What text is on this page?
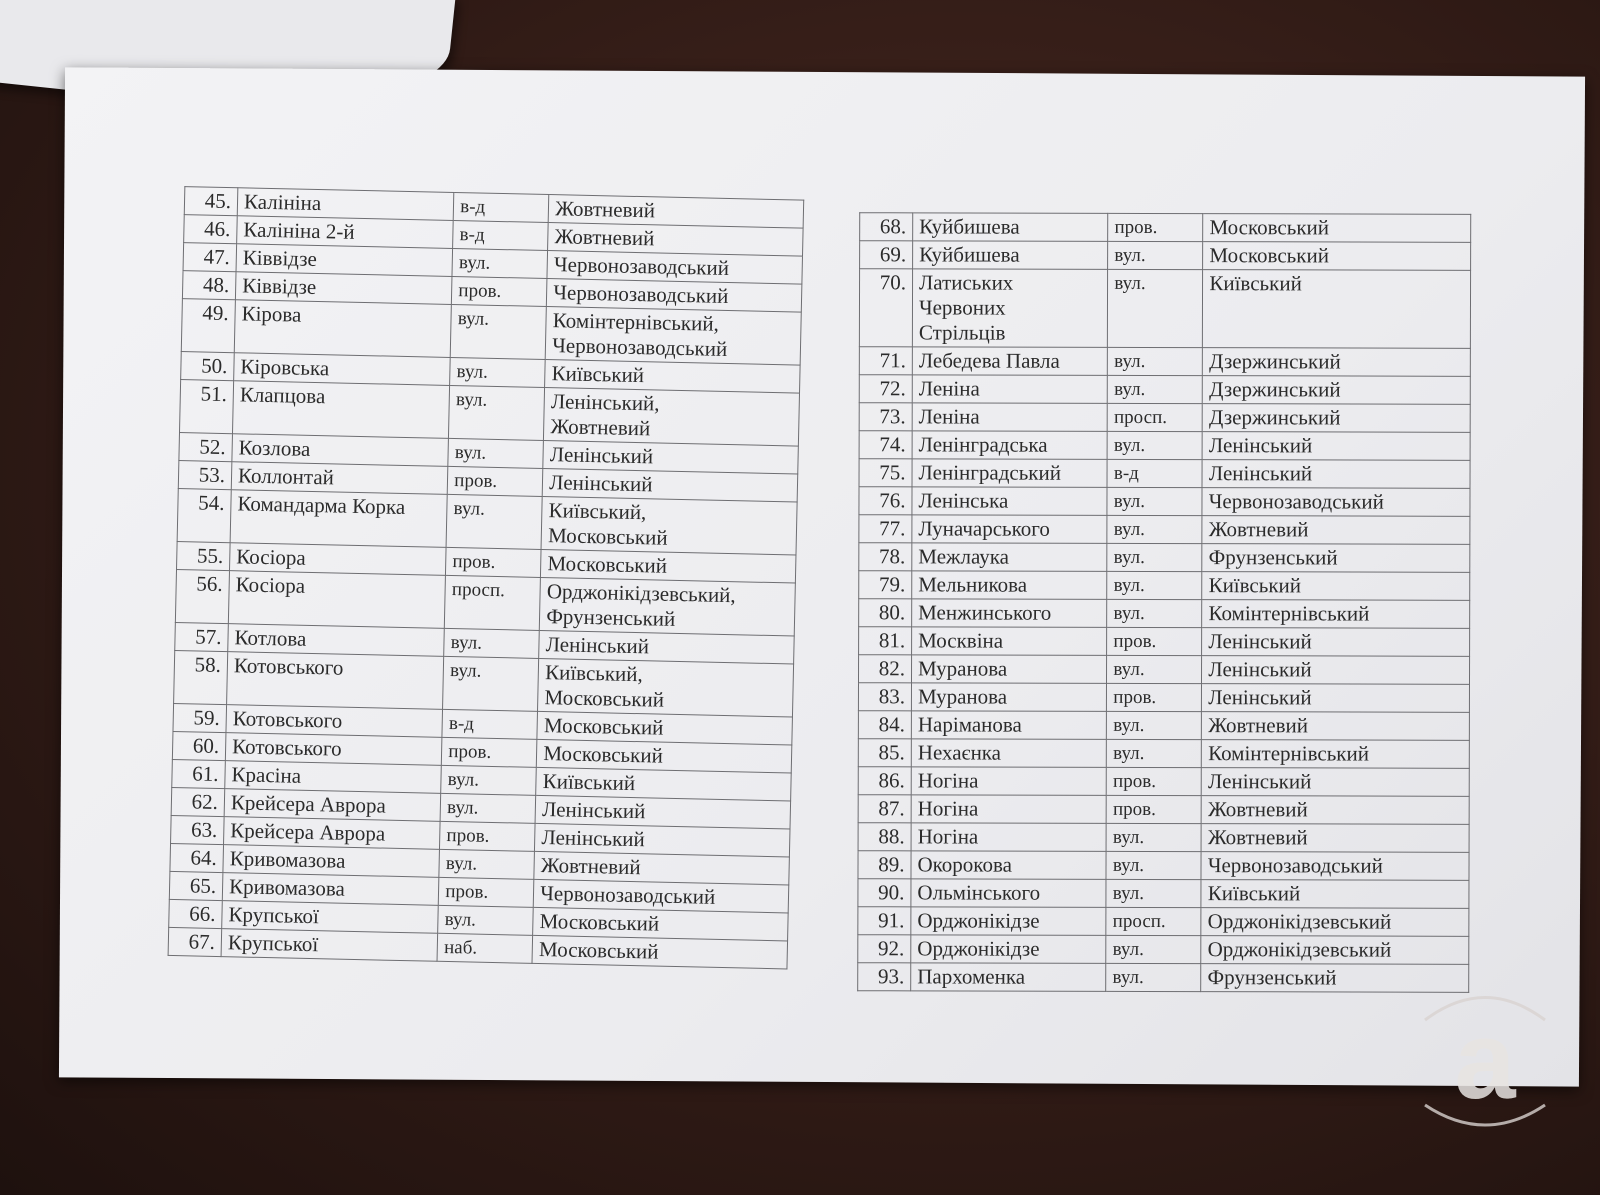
45.	Калініна	в-д	Жовтневий

46.	Калініна 2-й	в-д	Жовтневий

47.	Ківвідзе	вул.	Червонозаводський

48.	Ківвідзе	пров.	Червонозаводський

49.	Кірова	вул.	Комінтернівський,
Червонозаводський

50.	Кіровська	вул.	Київський

51.	Клапцова	вул.	Ленінський,
Жовтневий

52.	Козлова	вул.	Ленінський

53.	Коллонтай	пров.	Ленінський

54.	Командарма Корка	вул.	Київський,
Московський

55.	Косіора	пров.	Московський

56.	Косіора	просп.	Орджонікідзевський,
Фрунзенський

57.	Котлова	вул.	Ленінський

58.	Котовського	вул.	Київський,
Московський

59.	Котовського	в-д	Московський

60.	Котовського	пров.	Московський

61.	Красіна	вул.	Київський

62.	Крейсера Аврора	вул.	Ленінський

63.	Крейсера Аврора	пров.	Ленінський

64.	Кривомазова	вул.	Жовтневий

65.	Кривомазова	пров.	Червонозаводський

66.	Крупської	вул.	Московський

67.	Крупської	наб.	Московський
68.	Куйбишева	пров.	Московський

69.	Куйбишева	вул.	Московський

70.	Латиських
Червоних
Стрільців	вул.	Київський

71.	Лебедева Павла	вул.	Дзержинський

72.	Леніна	вул.	Дзержинський

73.	Леніна	просп.	Дзержинський

74.	Ленінградська	вул.	Ленінський

75.	Ленінградський	в-д	Ленінський

76.	Ленінська	вул.	Червонозаводський

77.	Луначарського	вул.	Жовтневий

78.	Межлаука	вул.	Фрунзенський

79.	Мельникова	вул.	Київський

80.	Менжинського	вул.	Комінтернівський

81.	Москвіна	пров.	Ленінський

82.	Муранова	вул.	Ленінський

83.	Муранова	пров.	Ленінський

84.	Наріманова	вул.	Жовтневий

85.	Нехаєнка	вул.	Комінтернівський

86.	Ногіна	пров.	Ленінський

87.	Ногіна	пров.	Жовтневий

88.	Ногіна	вул.	Жовтневий

89.	Окорокова	вул.	Червонозаводський

90.	Ольмінського	вул.	Київський

91.	Орджонікідзе	просп.	Орджонікідзевський

92.	Орджонікідзе	вул.	Орджонікідзевський

93.	Пархоменка	вул.	Фрунзенський
a
